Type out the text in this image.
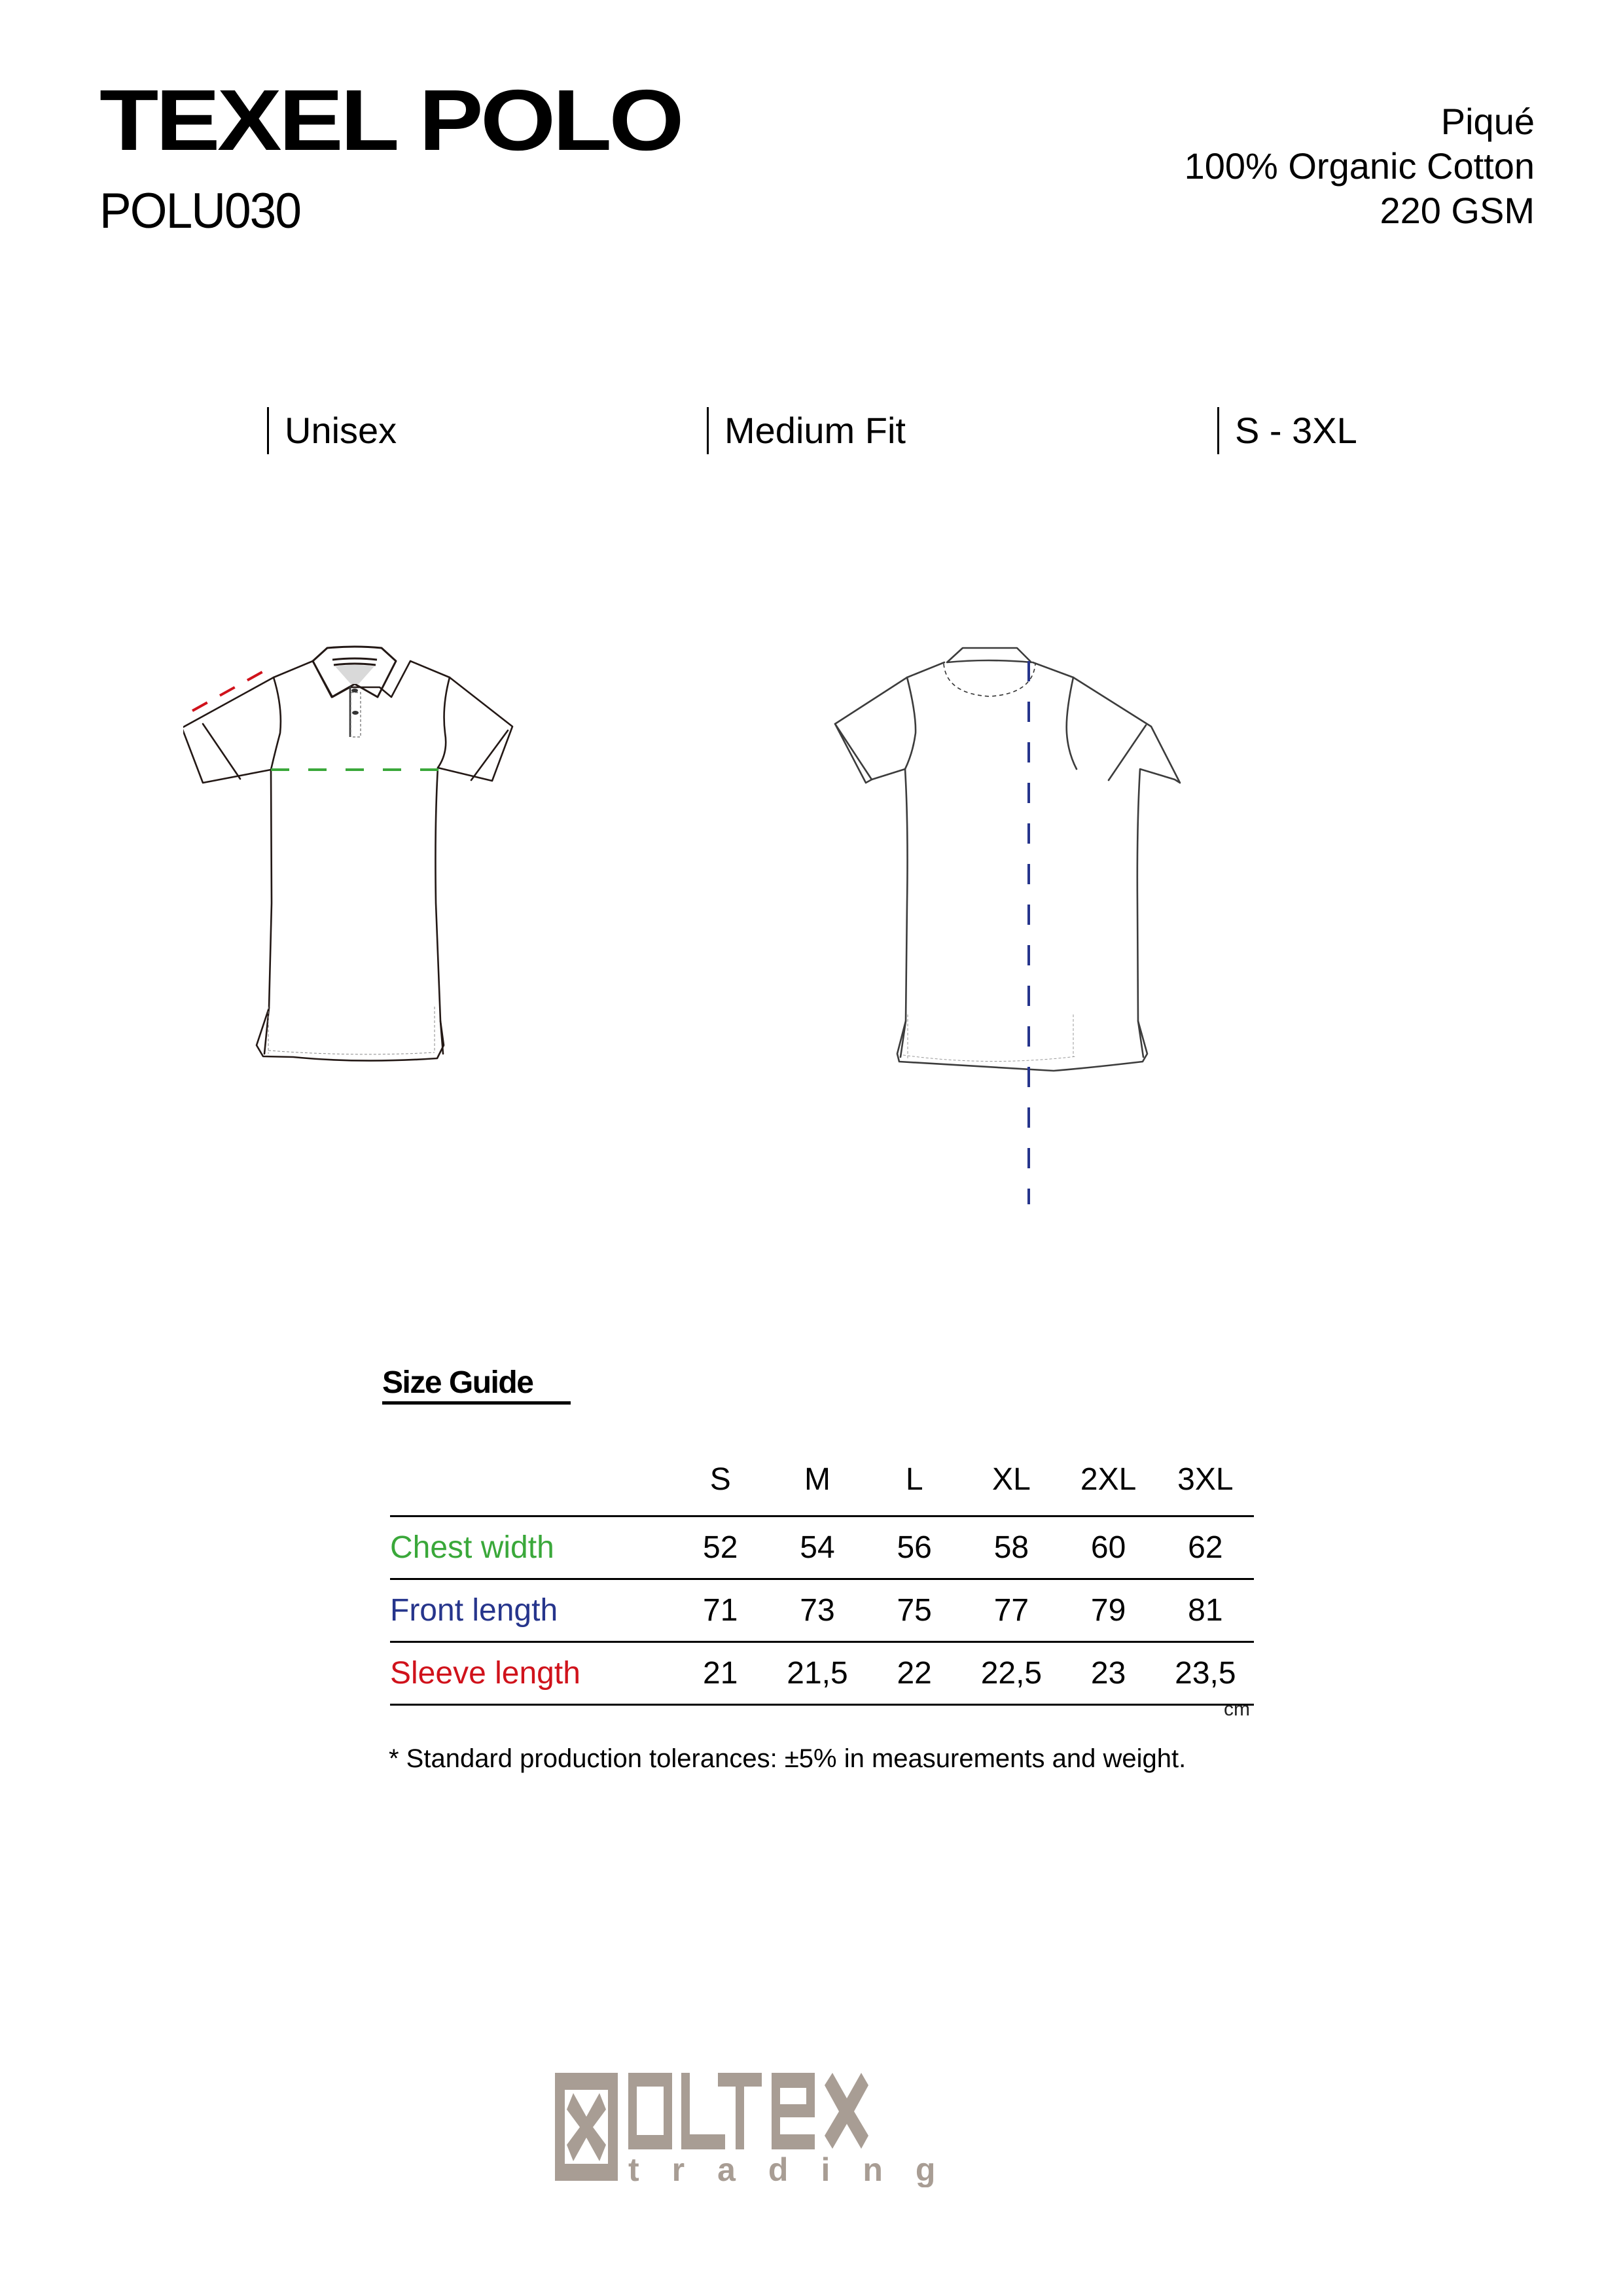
TEXEL POLO
POLU030
Piqué
100% Organic Cotton
220 GSM
Unisex	Medium Fit	S - 3XL
Size Guide
	S	M	L	XL	2XL	3XL
Chest width	52	54	56	58	60	62
Front length	71	73	75	77	79	81
Sleeve length	21	21,5	22	22,5	23	23,5
cm
* Standard production tolerances: ±5% in measurements and weight.
trading
